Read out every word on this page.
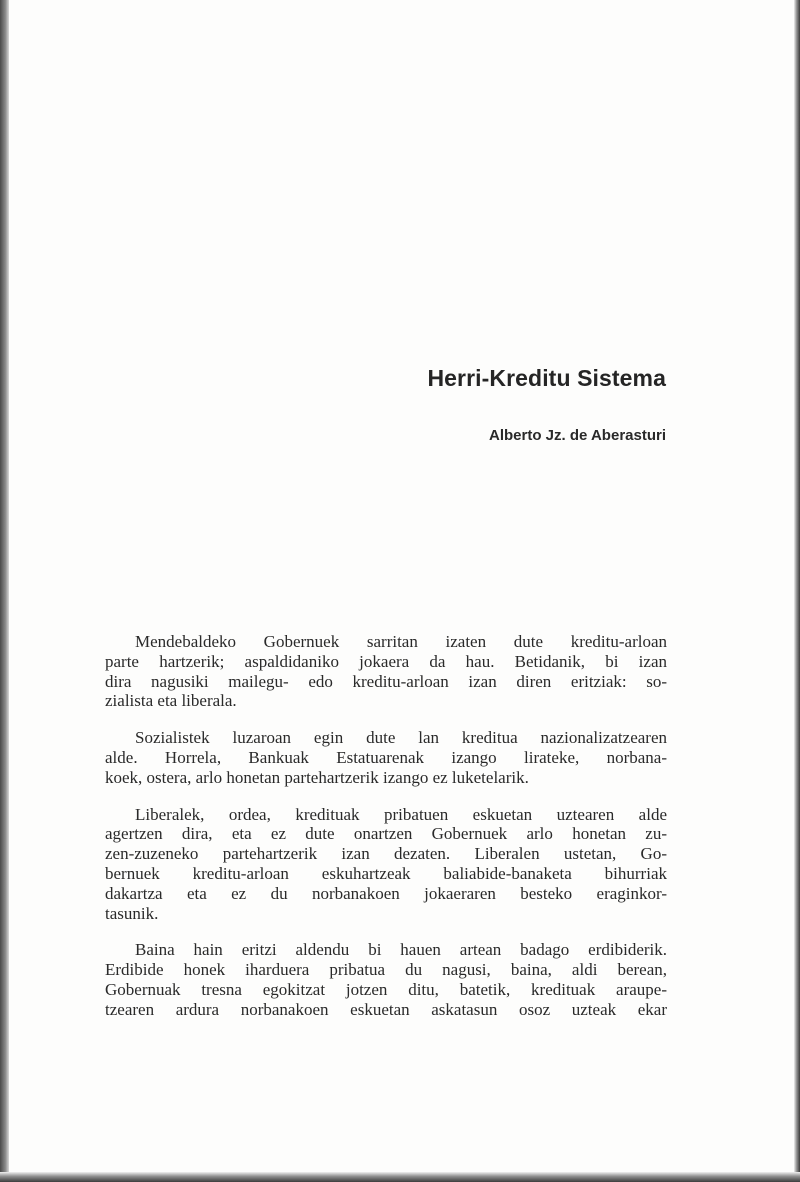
Herri-Kreditu Sistema
Alberto Jz. de Aberasturi

Mendebaldeko Gobernuek sarritan izaten dute kreditu-arloan
parte hartzerik; aspaldidaniko jokaera da hau. Betidanik, bi izan
dira nagusiki mailegu- edo kreditu-arloan izan diren eritziak: so-
zialista eta liberala.

Sozialistek luzaroan egin dute lan kreditua nazionalizatzearen
alde. Horrela, Bankuak Estatuarenak izango lirateke, norbana-
koek, ostera, arlo honetan partehartzerik izango ez luketelarik.

Liberalek, ordea, kredituak pribatuen eskuetan uztearen alde
agertzen dira, eta ez dute onartzen Gobernuek arlo honetan zu-
zen-zuzeneko partehartzerik izan dezaten. Liberalen ustetan, Go-
bernuek kreditu-arloan eskuhartzeak baliabide-banaketa bihurriak
dakartza eta ez du norbanakoen jokaeraren besteko eraginkor-
tasunik.

Baina hain eritzi aldendu bi hauen artean badago erdibiderik.
Erdibide honek iharduera pribatua du nagusi, baina, aldi berean,
Gobernuak tresna egokitzat jotzen ditu, batetik, kredituak araupe-
tzearen ardura norbanakoen eskuetan askatasun osoz uzteak ekar
